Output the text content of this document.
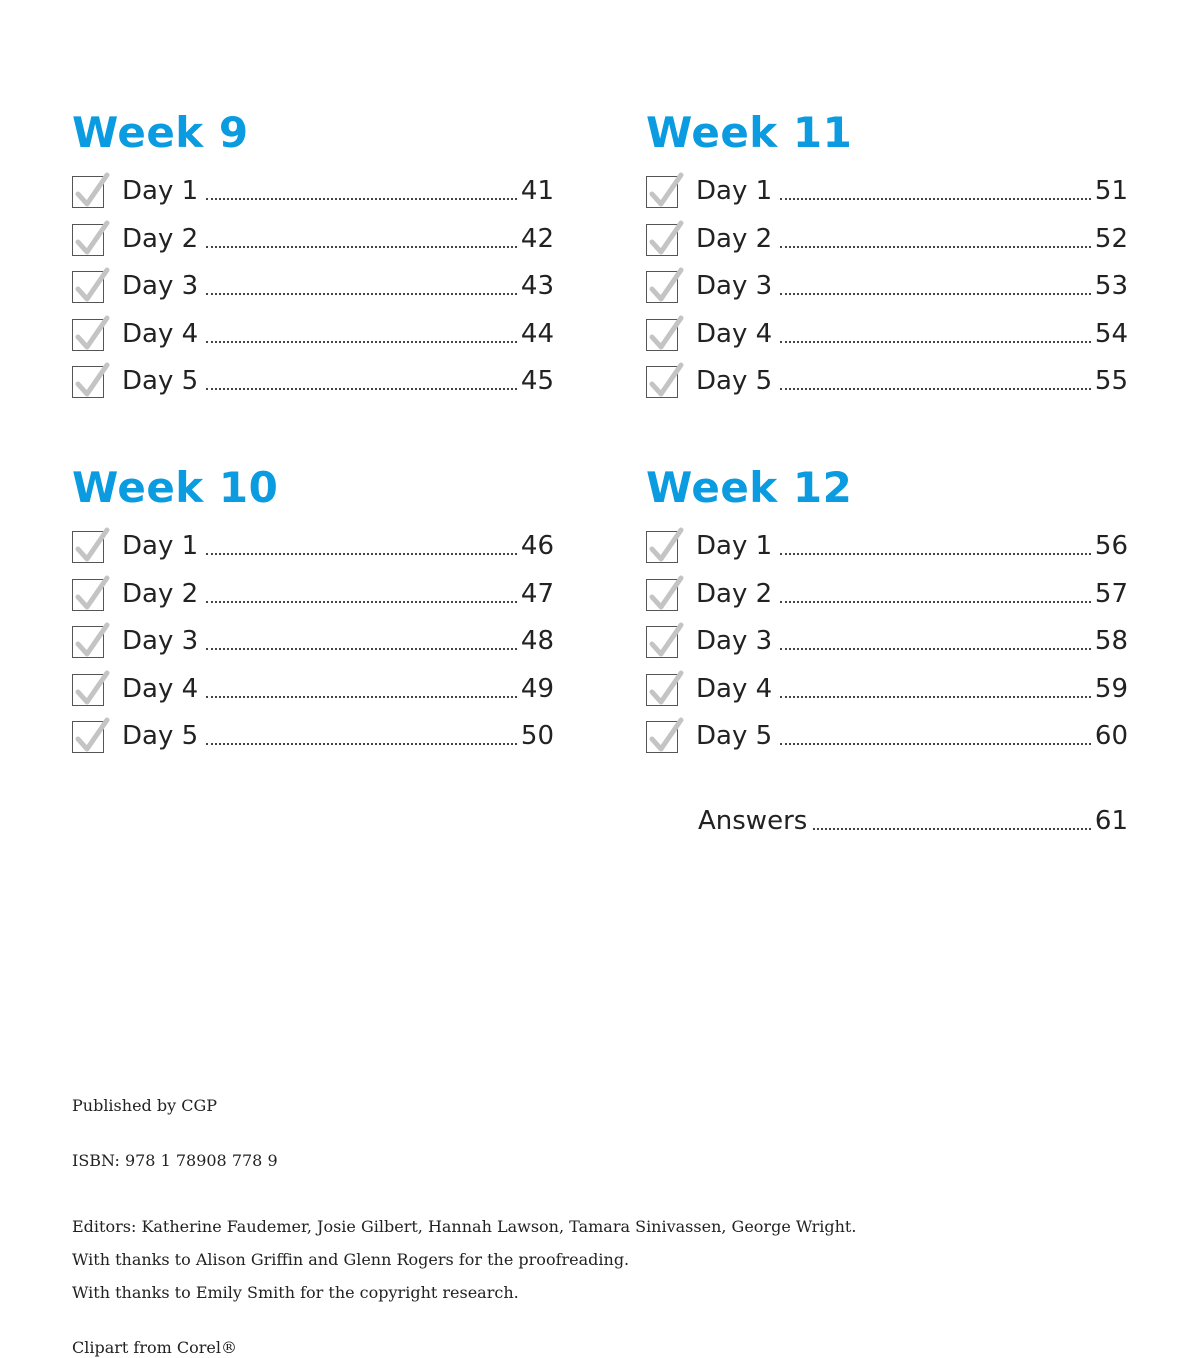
Week 9
Day 1	41
Day 2	42
Day 3	43
Day 4	44
Day 5	45
Week 10
Day 1	46
Day 2	47
Day 3	48
Day 4	49
Day 5	50
Week 11
Day 1	51
Day 2	52
Day 3	53
Day 4	54
Day 5	55
Week 12
Day 1	56
Day 2	57
Day 3	58
Day 4	59
Day 5	60
Answers	61
Published by CGP
ISBN: 978 1 78908 778 9
Editors: Katherine Faudemer, Josie Gilbert, Hannah Lawson, Tamara Sinivassen, George Wright.
With thanks to Alison Griffin and Glenn Rogers for the proofreading.
With thanks to Emily Smith for the copyright research.
Clipart from Corel®
